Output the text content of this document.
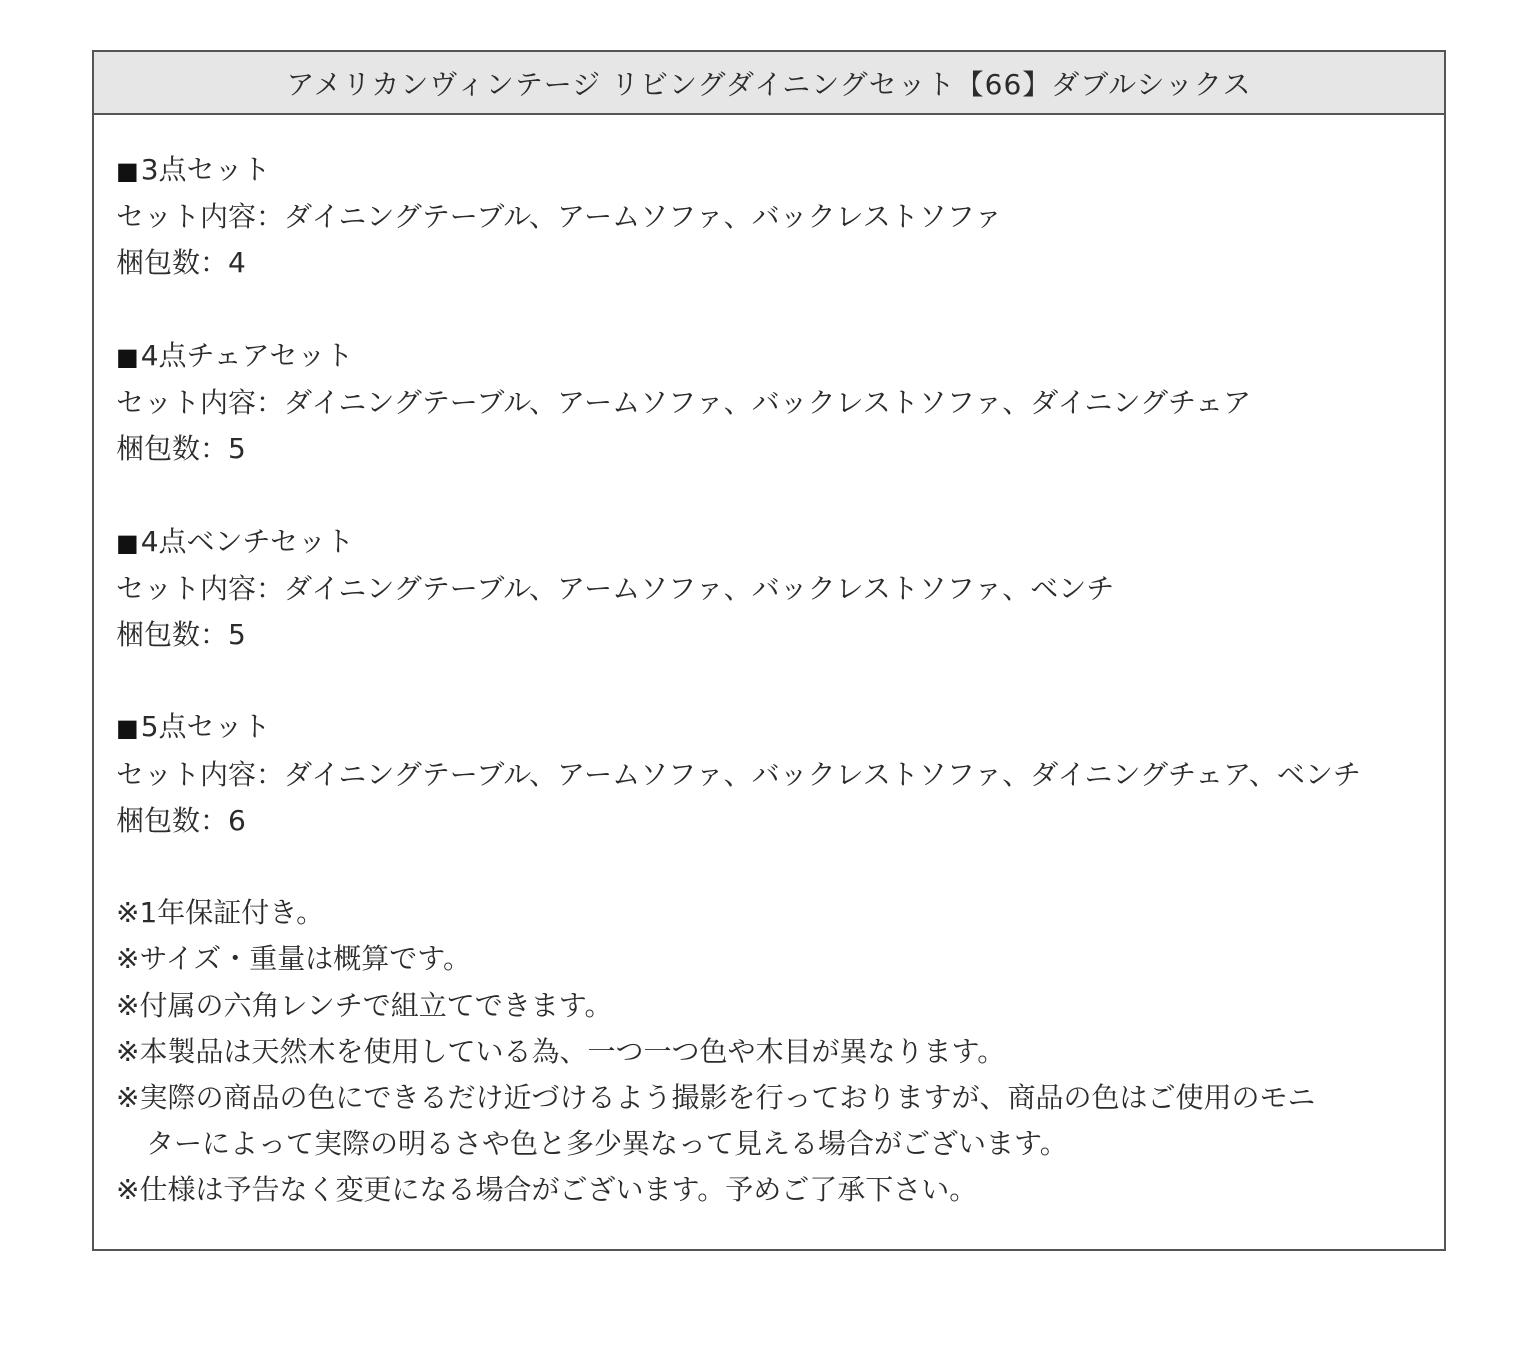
アメリカンヴィンテージ リビングダイニングセット【66】ダブルシックス
■3点セット
セット内容：ダイニングテーブル、アームソファ、バックレストソファ
梱包数：4
■4点チェアセット
セット内容：ダイニングテーブル、アームソファ、バックレストソファ、ダイニングチェア
梱包数：5
■4点ベンチセット
セット内容：ダイニングテーブル、アームソファ、バックレストソファ、ベンチ
梱包数：5
■5点セット
セット内容：ダイニングテーブル、アームソファ、バックレストソファ、ダイニングチェア、ベンチ
梱包数：6
※1年保証付き。
※サイズ・重量は概算です。
※付属の六角レンチで組立てできます。
※本製品は天然木を使用している為、一つ一つ色や木目が異なります。
※実際の商品の色にできるだけ近づけるよう撮影を行っておりますが、商品の色はご使用のモニ
ターによって実際の明るさや色と多少異なって見える場合がございます。
※仕様は予告なく変更になる場合がございます。予めご了承下さい。
